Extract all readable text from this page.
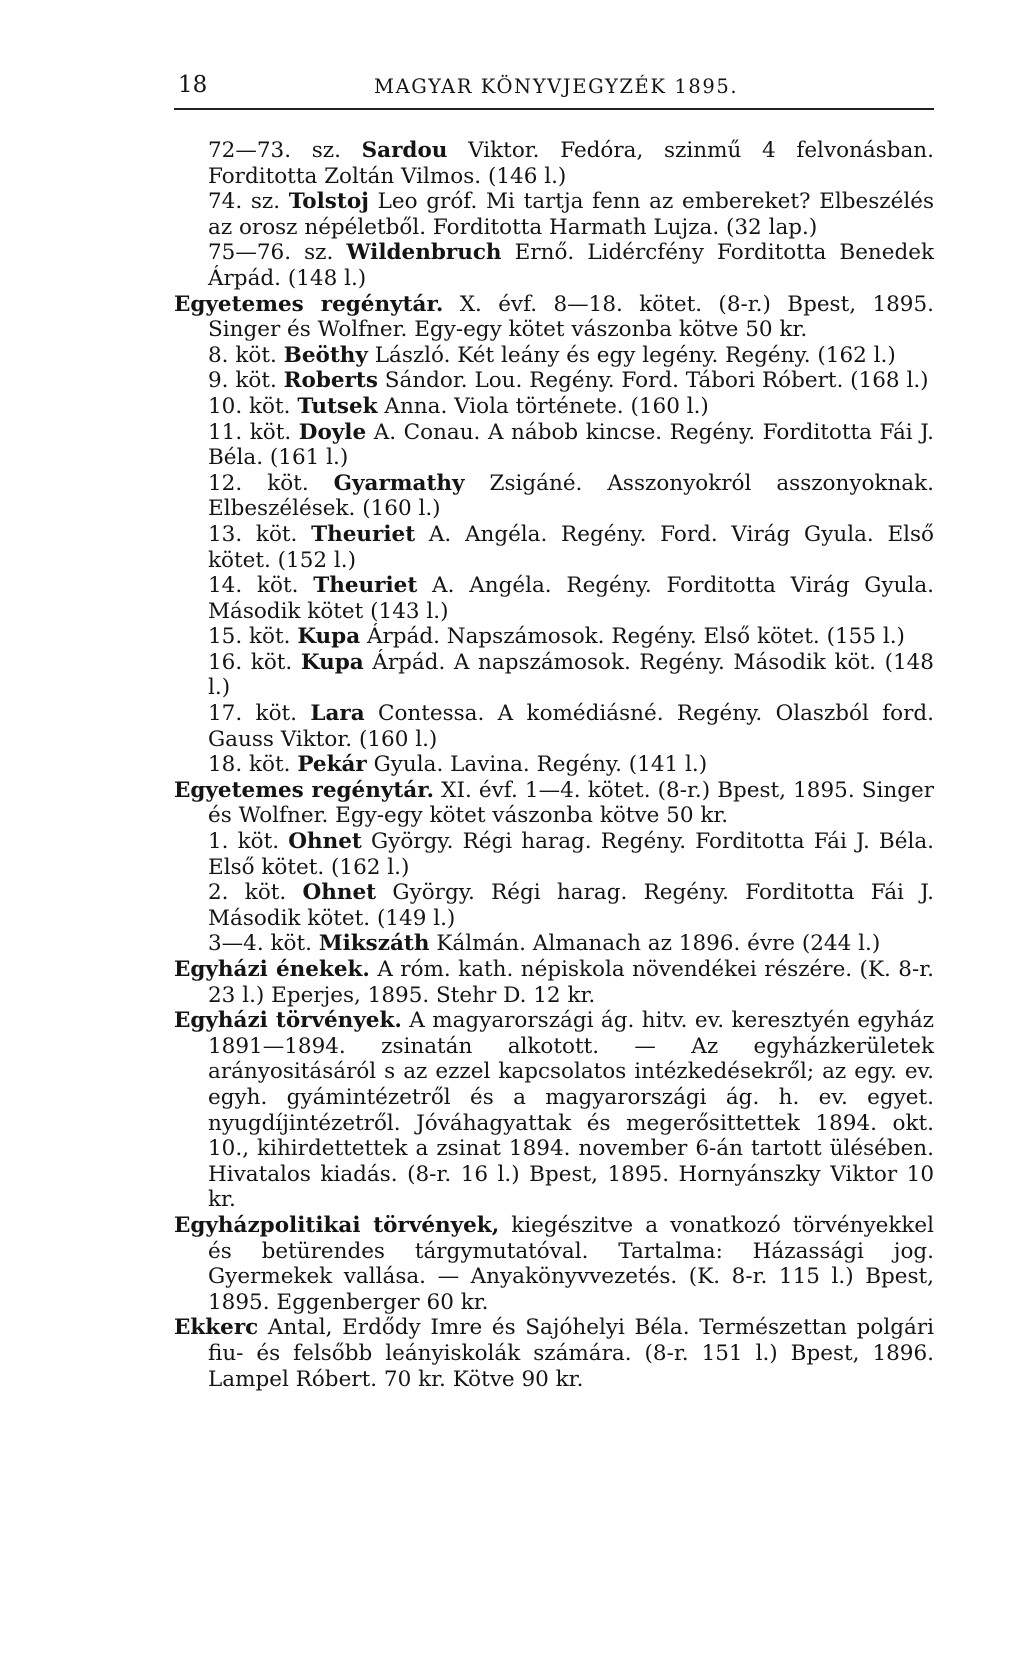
18	MAGYAR KÖNYVJEGYZÉK 1895.
72—73. sz. Sardou Viktor. Fedóra, szinmű 4 felvonásban. Forditotta Zoltán Vilmos. (146 l.)
74. sz. Tolstoj Leo gróf. Mi tartja fenn az embereket? Elbeszélés az orosz népéletből. Forditotta Harmath Lujza. (32 lap.)
75—76. sz. Wildenbruch Ernő. Lidércfény Forditotta Benedek Árpád. (148 l.)
Egyetemes regénytár. X. évf. 8—18. kötet. (8-r.) Bpest, 1895. Singer és Wolfner. Egy-egy kötet vászonba kötve 50 kr.
8. köt. Beöthy László. Két leány és egy legény. Regény. (162 l.)
9. köt. Roberts Sándor. Lou. Regény. Ford. Tábori Róbert. (168 l.)
10. köt. Tutsek Anna. Viola története. (160 l.)
11. köt. Doyle A. Conau. A nábob kincse. Regény. Forditotta Fái J. Béla. (161 l.)
12. köt. Gyarmathy Zsigáné. Asszonyokról asszonyoknak. Elbeszélések. (160 l.)
13. köt. Theuriet A. Angéla. Regény. Ford. Virág Gyula. Első kötet. (152 l.)
14. köt. Theuriet A. Angéla. Regény. Forditotta Virág Gyula. Második kötet (143 l.)
15. köt. Kupa Árpád. Napszámosok. Regény. Első kötet. (155 l.)
16. köt. Kupa Árpád. A napszámosok. Regény. Második köt. (148 l.)
17. köt. Lara Contessa. A komédiásné. Regény. Olaszból ford. Gauss Viktor. (160 l.)
18. köt. Pekár Gyula. Lavina. Regény. (141 l.)
Egyetemes regénytár. XI. évf. 1—4. kötet. (8-r.) Bpest, 1895. Singer és Wolfner. Egy-egy kötet vászonba kötve 50 kr.
1. köt. Ohnet György. Régi harag. Regény. Forditotta Fái J. Béla. Első kötet. (162 l.)
2. köt. Ohnet György. Régi harag. Regény. Forditotta Fái J. Második kötet. (149 l.)
3—4. köt. Mikszáth Kálmán. Almanach az 1896. évre (244 l.)
Egyházi énekek. A róm. kath. népiskola növendékei részére. (K. 8-r. 23 l.) Eperjes, 1895. Stehr D. 12 kr.
Egyházi törvények. A magyarországi ág. hitv. ev. keresztyén egyház 1891—1894. zsinatán alkotott. — Az egyházkerületek arányositásáról s az ezzel kapcsolatos intézkedésekről; az egy. ev. egyh. gyámintézetről és a magyarországi ág. h. ev. egyet. nyugdíjintézetről. Jóváhagyattak és megerősittettek 1894. okt. 10., kihirdettettek a zsinat 1894. november 6-án tartott ülésében. Hivatalos kiadás. (8-r. 16 l.) Bpest, 1895. Hornyánszky Viktor 10 kr.
Egyházpolitikai törvények, kiegészitve a vonatkozó törvényekkel és betürendes tárgymutatóval. Tartalma: Házassági jog. Gyermekek vallása. — Anyakönyvvezetés. (K. 8-r. 115 l.) Bpest, 1895. Eggenberger 60 kr.
Ekkerc Antal, Erdődy Imre és Sajóhelyi Béla. Természettan polgári fiu- és felsőbb leányiskolák számára. (8-r. 151 l.) Bpest, 1896. Lampel Róbert. 70 kr. Kötve 90 kr.
